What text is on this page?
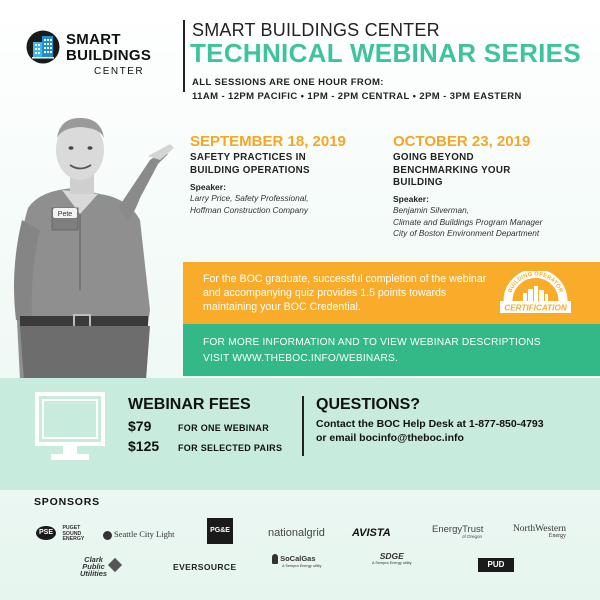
SMART
BUILDINGS
CENTER
SMART BUILDINGS CENTER
TECHNICAL WEBINAR SERIES
ALL SESSIONS ARE ONE HOUR FROM:
11AM - 12PM PACIFIC • 1PM - 2PM CENTRAL • 2PM - 3PM EASTERN
Pete
SEPTEMBER 18, 2019
SAFETY PRACTICES IN
BUILDING OPERATIONS
Speaker:
Larry Price, Safety Professional,
Hoffman Construction Company
OCTOBER 23, 2019
GOING BEYOND
BENCHMARKING YOUR
BUILDING
Speaker:
Benjamin Silverman,
Climate and Buildings Program Manager
City of Boston Environment Department
For the BOC graduate, successful completion of the webinar and accompanying quiz provides 1.5 points towards maintaining your BOC Credential.
BUILDING OPERATOR
CERTIFICATION
FOR MORE INFORMATION AND TO VIEW WEBINAR DESCRIPTIONS
VISIT WWW.THEBOC.INFO/WEBINARS.
WEBINAR FEES
$79	FOR ONE WEBINAR
$125 FOR SELECTED PAIRS
QUESTIONS?
Contact the BOC Help Desk at 1-877-850-4793
or email bocinfo@theboc.info
SPONSORS
PSE
PUGET
SOUND
ENERGY
Seattle City Light	PG&E	nationalgrid AVISTA	EnergyTrust
of Oregon
NorthWestern
Energy
Clark
Public
Utilities
EVERSOURCE
SoCalGas
A Sempra Energy utility
SDGE
A Sempra Energy utility	PUD
